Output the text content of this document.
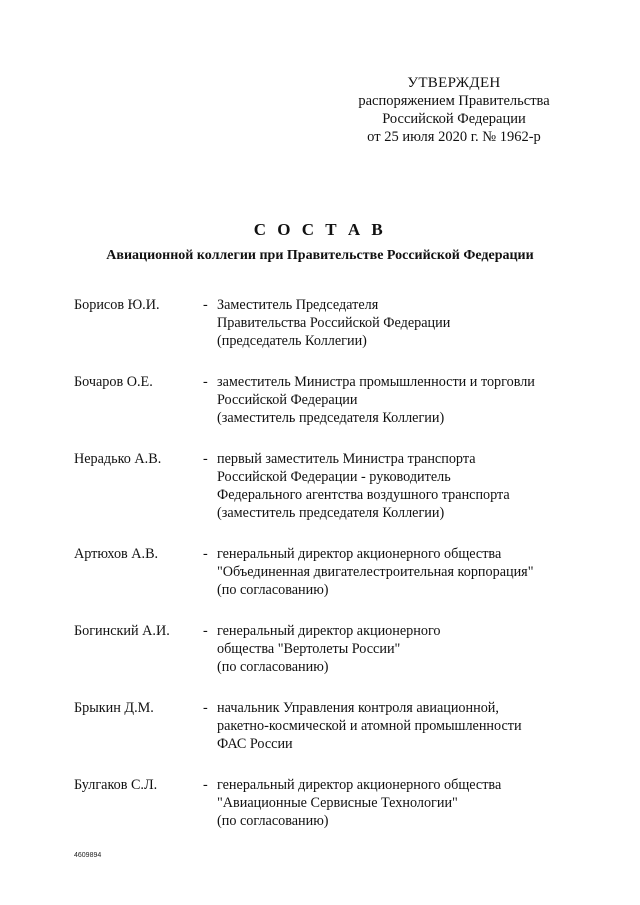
УТВЕРЖДЕН
распоряжением Правительства
Российской Федерации
от 25 июля 2020 г. № 1962-р
С О С Т А В
Авиационной коллегии при Правительстве Российской Федерации
Борисов Ю.И.	- Заместитель Председателя
Правительства Российской Федерации
(председатель Коллегии)
Бочаров О.Е.	- заместитель Министра промышленности и торговли
Российской Федерации
(заместитель председателя Коллегии)
Нерадько А.В.	- первый заместитель Министра транспорта
Российской Федерации - руководитель
Федерального агентства воздушного транспорта
(заместитель председателя Коллегии)
Артюхов А.В.	- генеральный директор акционерного общества
"Объединенная двигателестроительная корпорация"
(по согласованию)
Богинский А.И. - генеральный директор акционерного
общества "Вертолеты России"
(по согласованию)
Брыкин Д.М.	- начальник Управления контроля авиационной,
ракетно-космической и атомной промышленности
ФАС России
Булгаков С.Л.	- генеральный директор акционерного общества
"Авиационные Сервисные Технологии"
(по согласованию)
4609894
